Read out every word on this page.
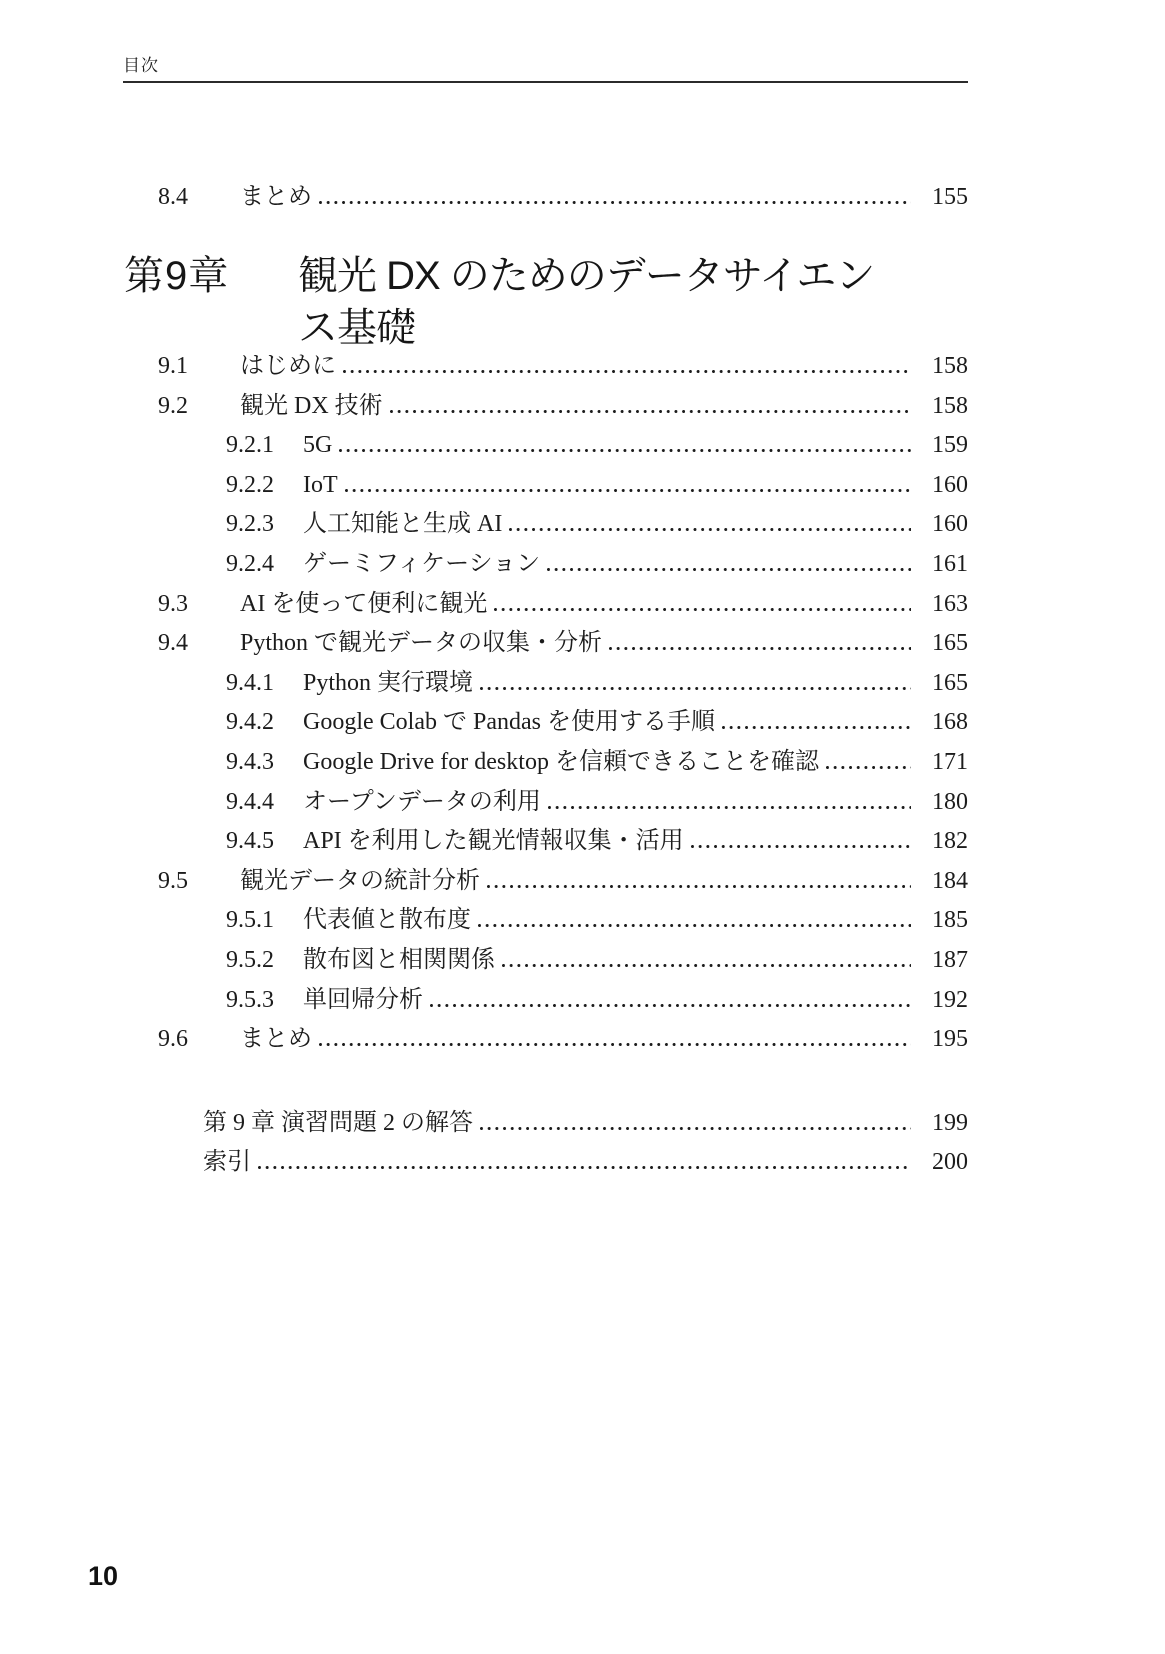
目次
8.4	まとめ	155
第9章 観光 DX のためのデータサイエン
ス基礎
9.1	はじめに	158
9.2	観光 DX 技術	158
9.2.1	5G	159
9.2.2	IoT	160
9.2.3	人工知能と生成 AI	160
9.2.4	ゲーミフィケーション	161
9.3	AI を使って便利に観光	163
9.4	Python で観光データの収集・分析	165
9.4.1	Python 実行環境	165
9.4.2	Google Colab で Pandas を使用する手順	168
9.4.3	Google Drive for desktop を信頼できることを確認	171
9.4.4	オープンデータの利用	180
9.4.5	API を利用した観光情報収集・活用	182
9.5	観光データの統計分析	184
9.5.1	代表値と散布度	185
9.5.2	散布図と相関関係	187
9.5.3	単回帰分析	192
9.6	まとめ	195
第 9 章 演習問題 2 の解答	199
索引	200
10
